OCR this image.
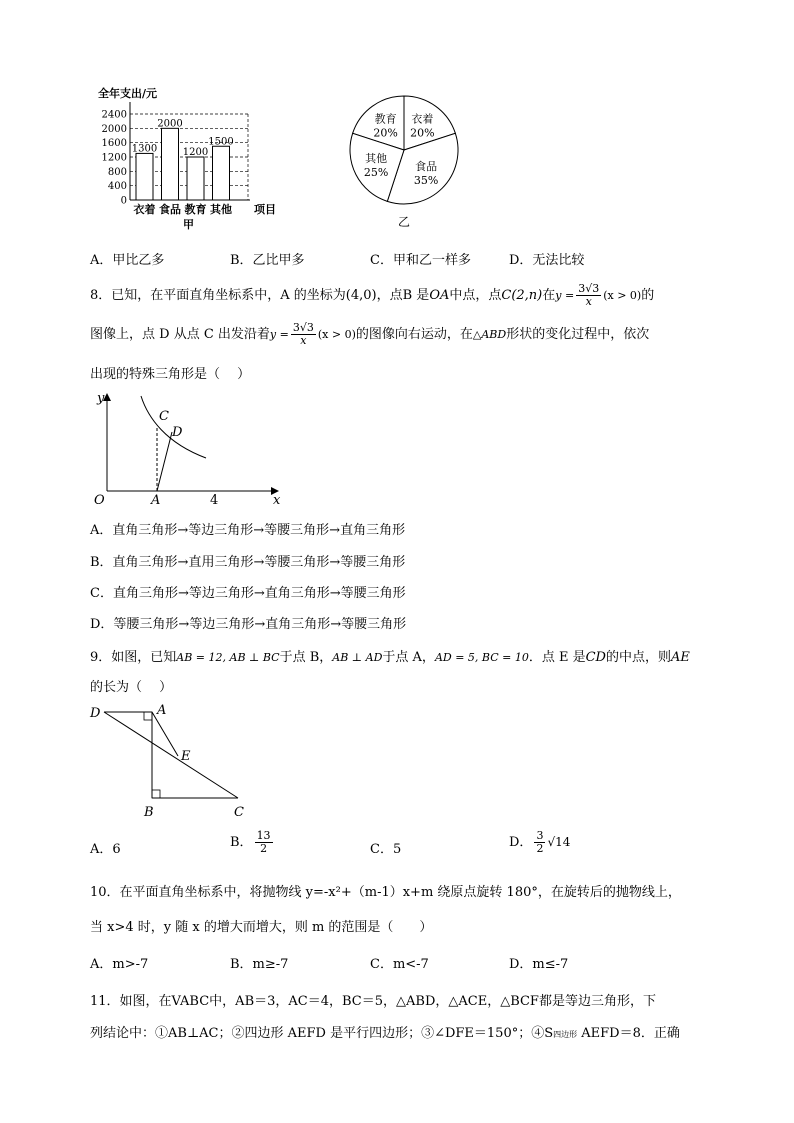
全年支出/元
2400
2000
1600
1200
800
400
0
1300
衣着
2000
食品
1200
教育
1500
其他 项目
甲
教育
20%
衣着
20%
食品
35%
其他
25%
乙
A．甲比乙多	B．乙比甲多	C．甲和乙一样多	D．无法比较
8．已知，在平面直角坐标系中，A 的坐标为(4,0)，点B 是OA中点，点C(2,n)在$y = \frac{3√3}{x} (x > 0)$的
图像上，点 D 从点 C 出发沿着$y = \frac{3√3}{x} (x > 0)$的图像向右运动，在△ABD形状的变化过程中，依次
出现的特殊三角形是（　 ）
y
x
O	A	4
C
D
A．直角三角形→等边三角形→等腰三角形→直角三角形
B．直角三角形→直用三角形→等腰三角形→等腰三角形
C．直角三角形→等边三角形→直角三角形→等腰三角形
D．等腰三角形→等边三角形→直角三角形→等腰三角形
9．如图，已知AB = 12, AB ⊥ BC于点 B，AB ⊥ AD于点 A，AD = 5, BC = 10．点 E 是CD的中点，则AE
的长为（　 ）
D	A
E
B	C
A．6	B． $\frac{13}{2}$	C．5	D． $\frac{3}{2} √14$
10．在平面直角坐标系中，将抛物线 y=-x²+（m-1）x+m 绕原点旋转 180°，在旋转后的抛物线上，
当 x>4 时，y 随 x 的增大而增大，则 m 的范围是（　　）
A．m>-7	B．m≥-7	C．m<-7	D．m≤-7
11．如图，在VABC中，AB＝3，AC＝4，BC＝5，△ABD，△ACE，△BCF都是等边三角形，下
列结论中：①AB⊥AC；②四边形 AEFD 是平行四边形；③∠DFE＝150°；④S四边形 AEFD＝8．正确
